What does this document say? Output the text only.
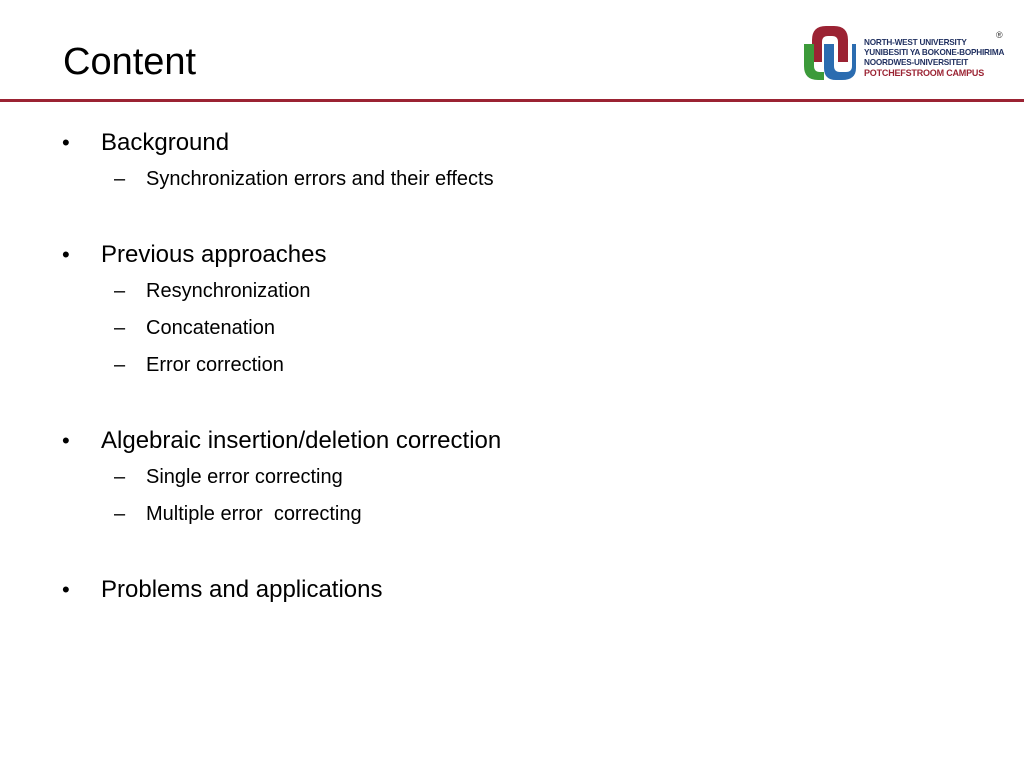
Content	NORTH-WEST UNIVERSITY
YUNIBESITI YA BOKONE-BOPHIRIMA
NOORDWES-UNIVERSITEIT
POTCHEFSTROOM CAMPUS
®
• Background
– Synchronization errors and their effects
• Previous approaches
– Resynchronization
– Concatenation
– Error correction
• Algebraic insertion/deletion correction
– Single error correcting
– Multiple error  correcting
• Problems and applications
